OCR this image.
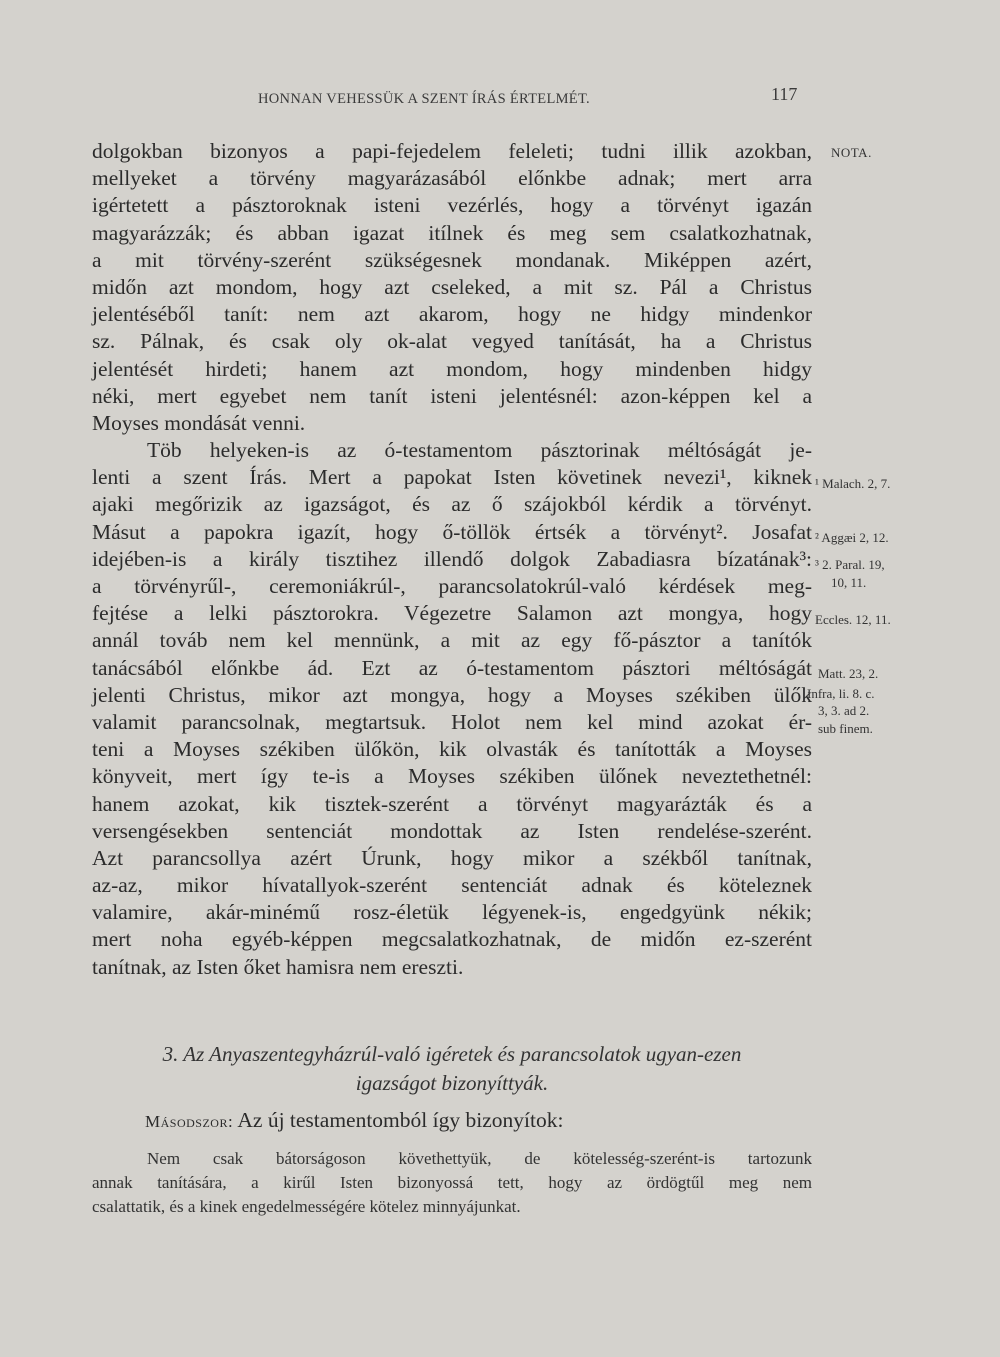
HONNAN VEHESSÜK A SZENT ÍRÁS ÉRTELMÉT.	117
dolgokban bizonyos a papi-fejedelem feleleti; tudni illik azokban,
mellyeket a törvény magyarázasából előnkbe adnak; mert arra
igértetett a pásztoroknak isteni vezérlés, hogy a törvényt igazán
magyarázzák; és abban igazat itílnek és meg sem csalatkozhatnak,
a mit törvény-szerént szükségesnek mondanak. Miképpen azért,
midőn azt mondom, hogy azt cseleked, a mit sz. Pál a Christus
jelentéséből tanít: nem azt akarom, hogy ne hidgy mindenkor
sz. Pálnak, és csak oly ok-alat vegyed tanítását, ha a Christus
jelentését hirdeti; hanem azt mondom, hogy mindenben hidgy
néki, mert egyebet nem tanít isteni jelentésnél: azon-képpen kel a
Moyses mondását venni.
Töb helyeken-is az ó-testamentom pásztorinak méltóságát je-
lenti a szent Írás. Mert a papokat Isten követinek nevezi¹, kiknek
ajaki megőrizik az igazságot, és az ő szájokból kérdik a törvényt.
Másut a papokra igazít, hogy ő-töllök értsék a törvényt². Josafat
idejében-is a király tisztihez illendő dolgok Zabadiasra bízatának³:
a törvényrűl-, ceremoniákrúl-, parancsolatokrúl-való kérdések meg-
fejtése a lelki pásztorokra. Végezetre Salamon azt mongya, hogy
annál továb nem kel mennünk, a mit az egy fő-pásztor a tanítók
tanácsából előnkbe ád. Ezt az ó-testamentom pásztori méltóságát
jelenti Christus, mikor azt mongya, hogy a Moyses székiben ülők
valamit parancsolnak, megtartsuk. Holot nem kel mind azokat ér-
teni a Moyses székiben ülőkön, kik olvasták és tanították a Moyses
könyveit, mert így te-is a Moyses székiben ülőnek neveztethetnél:
hanem azokat, kik tisztek-szerént a törvényt magyarázták és a
versengésekben sentenciát mondottak az Isten rendelése-szerént.
Azt parancsollya azért Úrunk, hogy mikor a székből tanítnak,
az-az, mikor hívatallyok-szerént sentenciát adnak és köteleznek
valamire, akár-minémű rosz-életük légyenek-is, engedgyünk nékik;
mert noha egyéb-képpen megcsalatkozhatnak, de midőn ez-szerént
tanítnak, az Isten őket hamisra nem ereszti.
NOTA.
¹ Malach. 2, 7.
² Aggæi 2, 12.
³ 2. Paral. 19,
10, 11.
Eccles. 12, 11.
Matt. 23, 2.
Infra, li. 8. c.
3, 3. ad 2.
sub finem.
3. Az Anyaszentegyházrúl-való igéretek és parancsolatok ugyan-ezen
igazságot bizonyíttyák.
Másodszor: Az új testamentomból így bizonyítok:
Nem csak bátorságoson követhettyük, de kötelesség-szerént-is tartozunk
annak tanítására, a kirűl Isten bizonyossá tett, hogy az ördögtűl meg nem
csalattatik, és a kinek engedelmességére kötelez minnyájunkat.
